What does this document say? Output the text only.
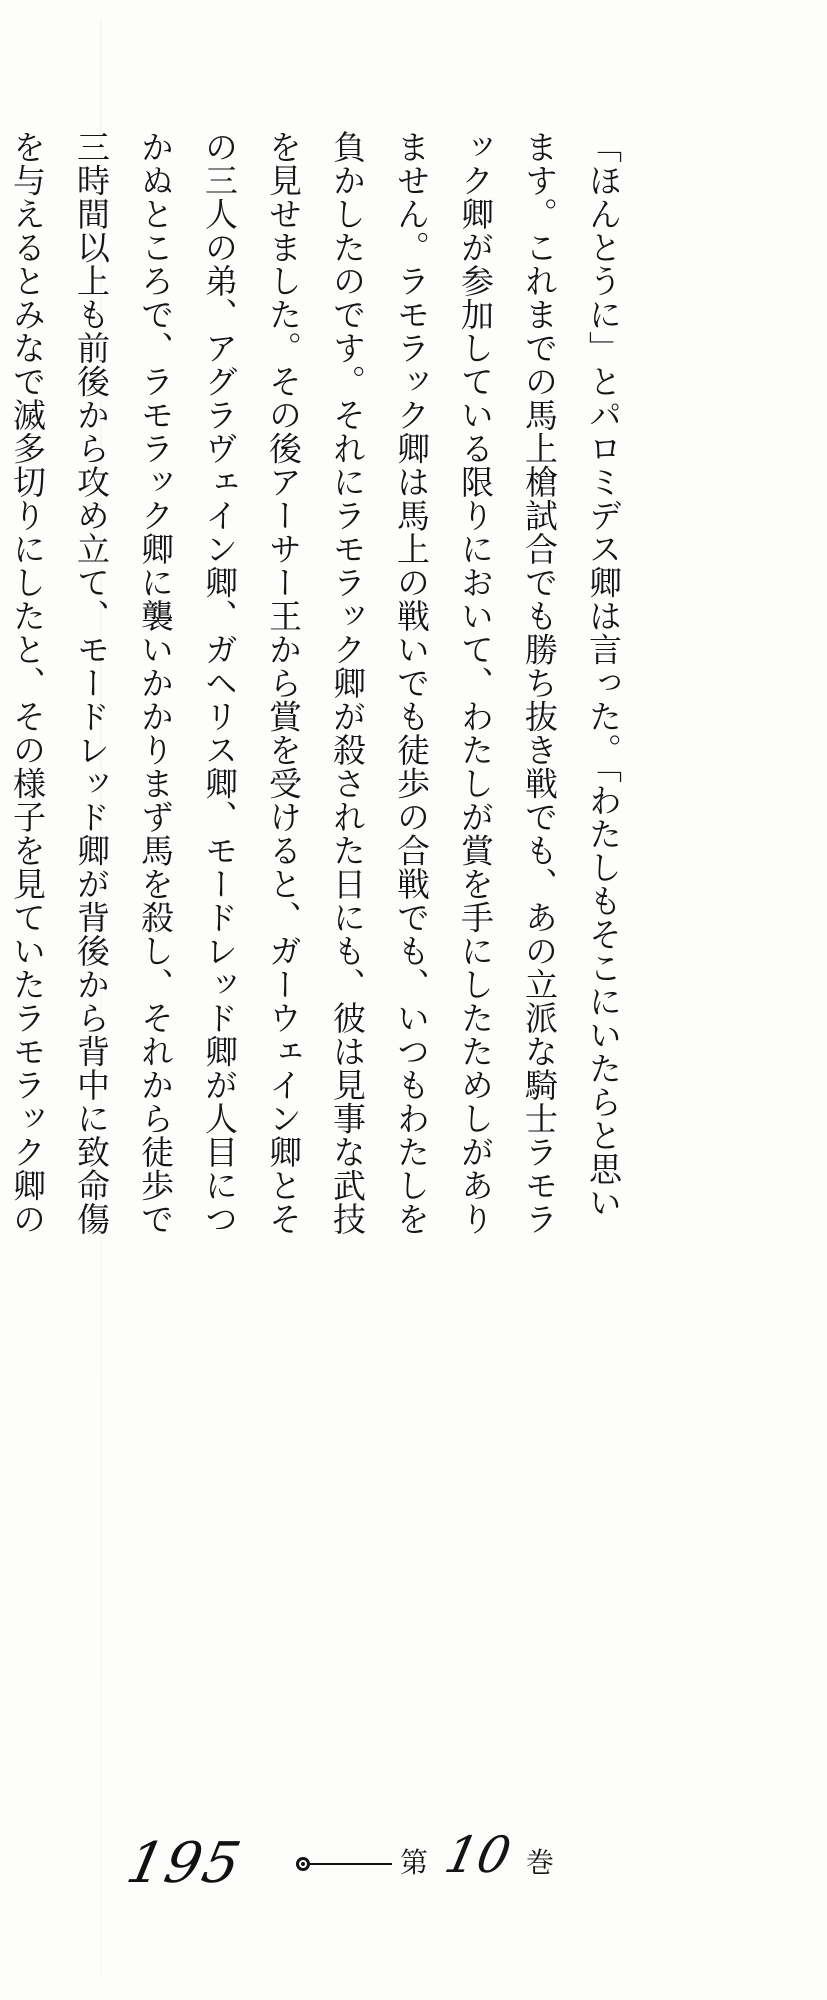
「ほんとうに」とパロミデス卿は言った。「わたしもそこにいたらと思い
ます。これまでの馬上槍試合でも勝ち抜き戦でも、あの立派な騎士ラモラ
ック卿が参加している限りにおいて、わたしが賞を手にしたためしがあり
ません。ラモラック卿は馬上の戦いでも徒歩の合戦でも、いつもわたしを
負かしたのです。それにラモラック卿が殺された日にも、彼は見事な武技
を見せました。その後アーサー王から賞を受けると、ガーウェイン卿とそ
の三人の弟、アグラヴェイン卿、ガヘリス卿、モードレッド卿が人目につ
かぬところで、ラモラック卿に襲いかかりまず馬を殺し、それから徒歩で
三時間以上も前後から攻め立て、モードレッド卿が背後から背中に致命傷
を与えるとみなで滅多切りにしたと、その様子を見ていたラモラック卿の

195	第 10 巻
